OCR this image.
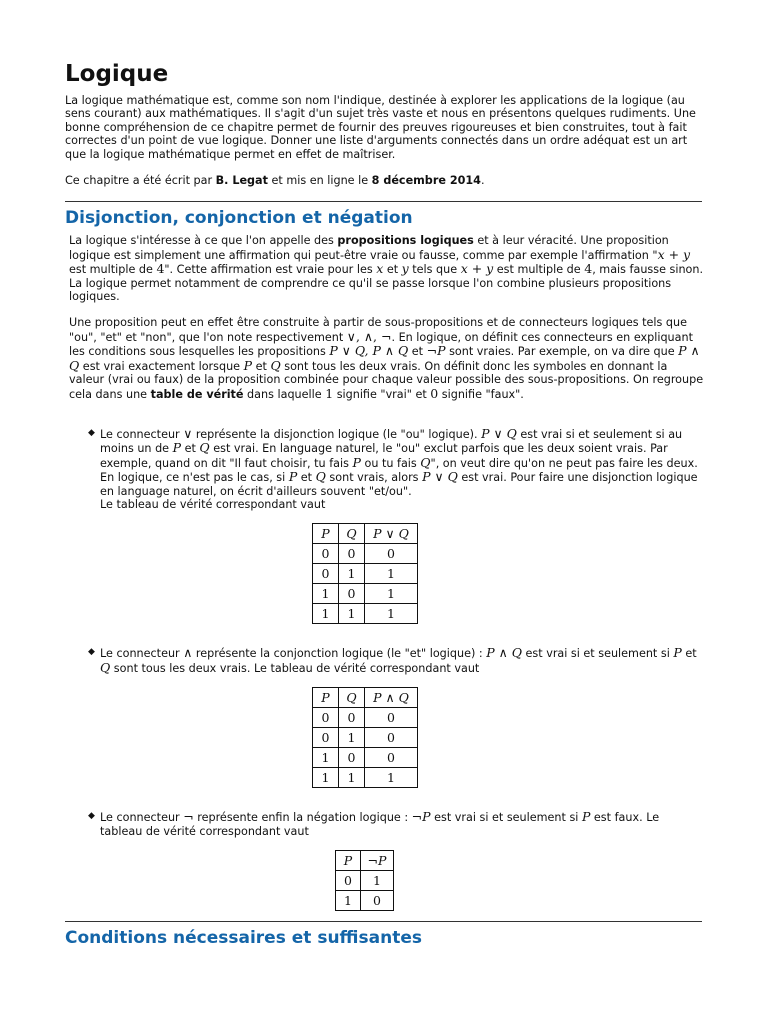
Logique

La logique mathématique est, comme son nom l'indique, destinée à explorer les applications de la logique (au sens courant) aux mathématiques. Il s'agit d'un sujet très vaste et nous en présentons quelques rudiments. Une bonne compréhension de ce chapitre permet de fournir des preuves rigoureuses et bien construites, tout à fait correctes d'un point de vue logique. Donner une liste d'arguments connectés dans un ordre adéquat est un art que la logique mathématique permet en effet de maîtriser.

Ce chapitre a été écrit par B. Legat et mis en ligne le 8 décembre 2014.

Disjonction, conjonction et négation

La logique s'intéresse à ce que l'on appelle des propositions logiques et à leur véracité. Une proposition logique est simplement une affirmation qui peut-être vraie ou fausse, comme par exemple l'affirmation "x + y est multiple de 4". Cette affirmation est vraie pour les x et y tels que x + y est multiple de 4, mais fausse sinon. La logique permet notamment de comprendre ce qu'il se passe lorsque l'on combine plusieurs propositions logiques.

Une proposition peut en effet être construite à partir de sous-propositions et de connecteurs logiques tels que "ou", "et" et "non", que l'on note respectivement ∨, ∧, ¬. En logique, on définit ces connecteurs en expliquant les conditions sous lesquelles les propositions P ∨ Q, P ∧ Q et ¬P sont vraies. Par exemple, on va dire que P ∧ Q est vrai exactement lorsque P et Q sont tous les deux vrais. On définit donc les symboles en donnant la valeur (vrai ou faux) de la proposition combinée pour chaque valeur possible des sous-propositions. On regroupe cela dans une table de vérité dans laquelle 1 signifie "vrai" et 0 signifie "faux".

◆ Le connecteur ∨ représente la disjonction logique (le "ou" logique). P ∨ Q est vrai si et seulement si au moins un de P et Q est vrai. En language naturel, le "ou" exclut parfois que les deux soient vrais. Par exemple, quand on dit "Il faut choisir, tu fais P ou tu fais Q", on veut dire qu'on ne peut pas faire les deux. En logique, ce n'est pas le cas, si P et Q sont vrais, alors P ∨ Q est vrai. Pour faire une disjonction logique en language naturel, on écrit d'ailleurs souvent "et/ou".
Le tableau de vérité correspondant vaut
P	Q	P ∨ Q
0	0	0
0	1	1
1	0	1
1	1	1
◆ Le connecteur ∧ représente la conjonction logique (le "et" logique) : P ∧ Q est vrai si et seulement si P et Q sont tous les deux vrais. Le tableau de vérité correspondant vaut
P	Q	P ∧ Q
0	0	0
0	1	0
1	0	0
1	1	1
◆ Le connecteur ¬ représente enfin la négation logique : ¬P est vrai si et seulement si P est faux. Le tableau de vérité correspondant vaut
P	¬P
0	1
1	0
Conditions nécessaires et suffisantes
